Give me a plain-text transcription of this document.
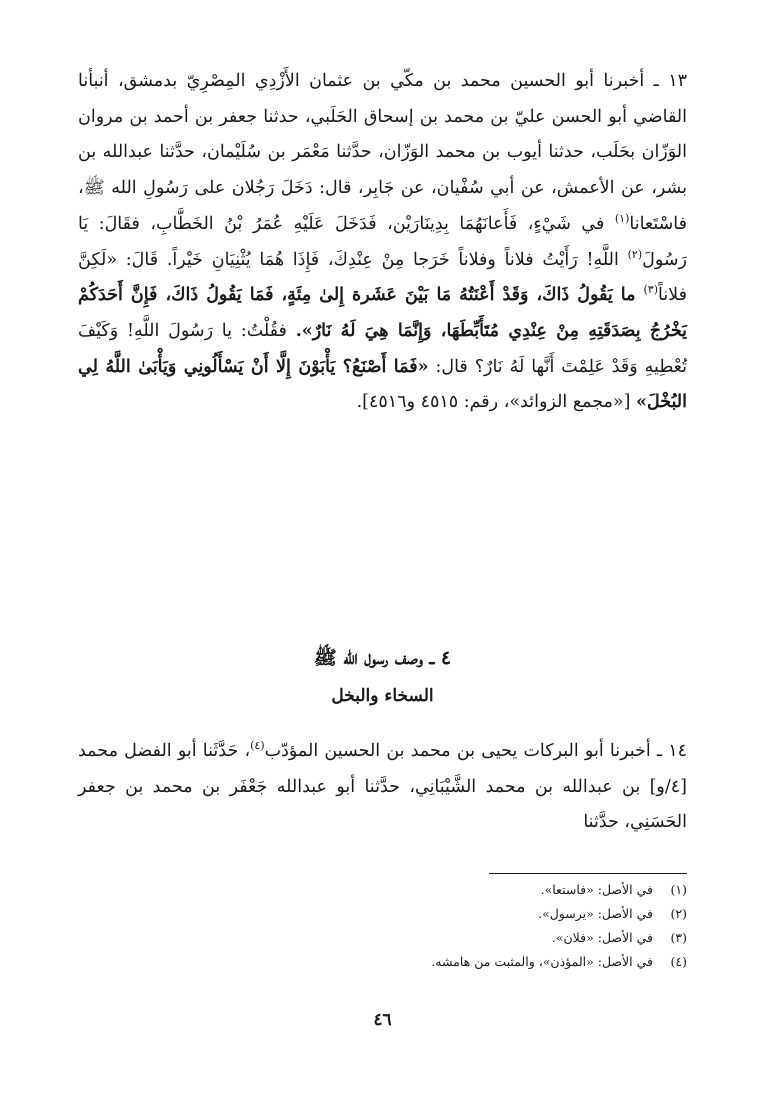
١٣ ـ أخبرنا أبو الحسين محمد بن مكّي بن عثمان الأَزْدِي المِصْرِيّ بدمشق، أنبأنا القاضي أبو الحسن عليّ بن محمد بن إسحاق الحَلَبي، حدثنا جعفر بن أحمد بن مروان الوَزّان بحَلَب، حدثنا أيوب بن محمد الوَزّان، حدَّثنا مَعْمَر بن سُلَيْمان، حدَّثنا عبدالله بن بشر، عن الأعمش، عن أبي سُفْيان، عن جَابِر، قال: دَخَلَ رَجُلان على رَسُولِ الله ﷺ، فاسْتَعانا$^{(١)}$ في شَيْءٍ، فَأَعانَهُمَا بِدِينَارَيْن، فَدَخَلَ عَلَيْهِ عُمَرُ بْنُ الخَطَّابِ، فقَالَ: يَا رَسُولَ$^{(٢)}$ اللَّهِ! رَأَيْتُ فلاناً وفلاناً خَرَجا مِنْ عِنْدِكَ، فَإِذَا هُمَا يُثْنِيَانِ خَيْراً. قَالَ: «لَكِنَّ فلاناً$^{(٣)}$ ما يَقُولُ ذَاكَ، وَقَدْ أَعْنَتُهُ مَا بَيْنَ عَشَرة إِلىٰ مِئَةٍ، فَمَا يَقُولُ ذَاكَ، فَإِنَّ أَحَدَكُمْ يَخْرُجُ بِصَدَقَتِهِ مِنْ عِنْدِي مُتَأَبِّطَهَا، وَإِنَّمَا هِيَ لَهُ نَارٌ». فقُلْتُ: يا رَسُولَ اللَّهِ! وَكَيْفَ تُعْطِيهِ وَقَدْ عَلِمْتَ أَنَّها لَهُ نَارٌ؟ قال: «فَمَا أَصْنَعُ؟ يَأْبَوْنَ إِلَّا أَنْ يَسْأَلُونِي وَيَأْبَىٰ اللَّهُ لِي البُخْلَ» [«مجمع الزوائد»، رقم: ٤٥١٥ و٤٥١٦].

٤ ــ وصف رسول الله ﷺ
السخاء والبخل

١٤ ـ أخبرنا أبو البركات يحيى بن محمد بن الحسين المؤدّب$^{(٤)}$، حَدَّثَنا أبو الفضل محمد [٤/و] بن عبدالله بن محمد الشَّيْبَانِي، حدَّثنا أبو عبدالله جَعْفَر بن محمد بن جعفر الحَسَنِي، حدَّثنا

(١)في الأصل: «فاستعا».
(٢)في الأصل: «يرسول».
(٣)في الأصل: «فلان».
(٤)في الأصل: «المؤذن»، والمثبت من هامشه.
٤٦
